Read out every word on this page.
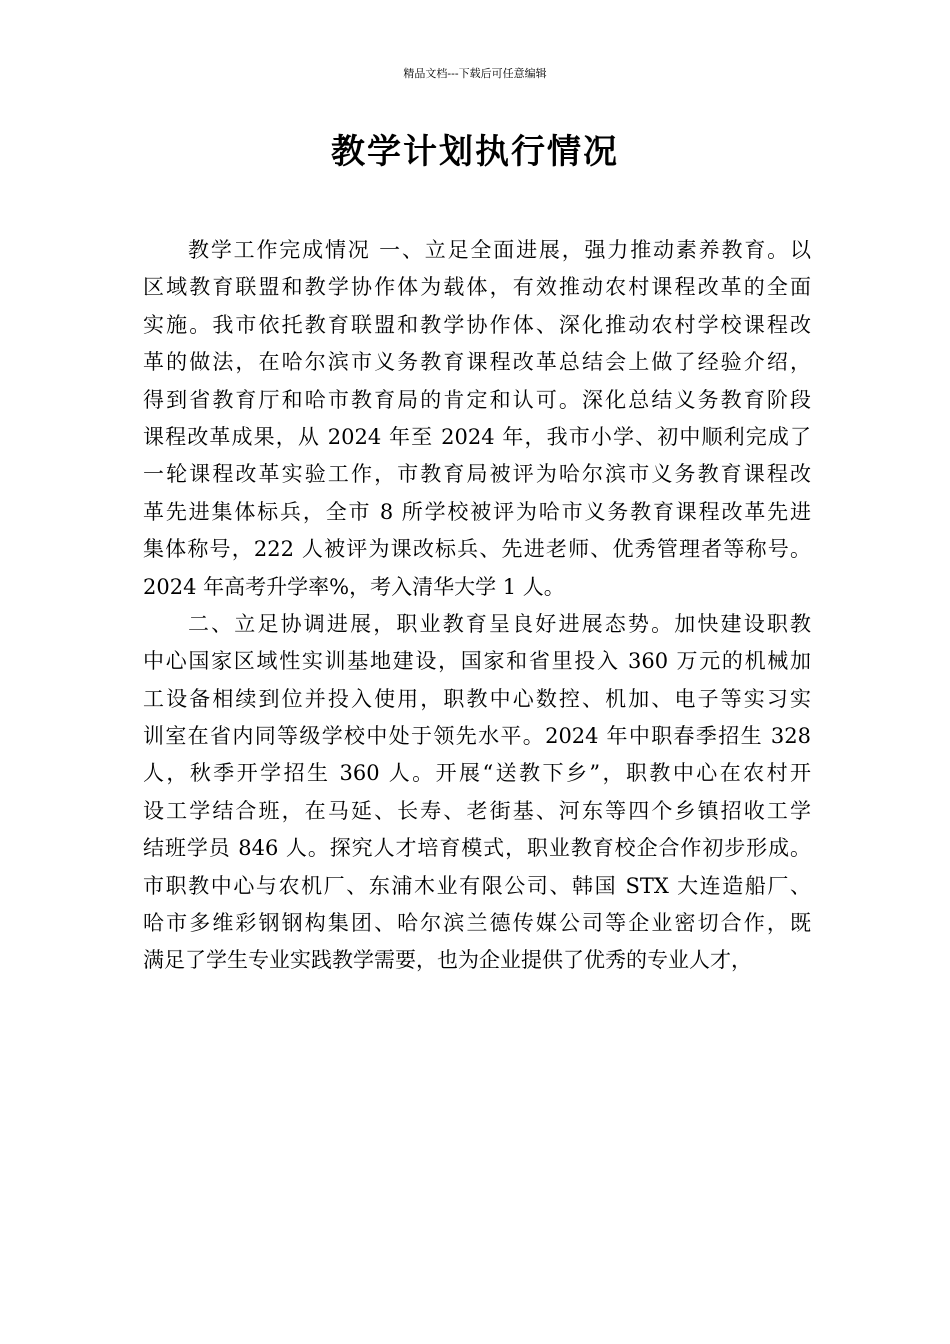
精品文档---下载后可任意编辑
教学计划执行情况
教学工作完成情况 一、立足全面进展，强力推动素养教育。以
区域教育联盟和教学协作体为载体，有效推动农村课程改革的全面
实施。我市依托教育联盟和教学协作体、深化推动农村学校课程改
革的做法，在哈尔滨市义务教育课程改革总结会上做了经验介绍，
得到省教育厅和哈市教育局的肯定和认可。深化总结义务教育阶段
课程改革成果，从 2024 年至 2024 年，我市小学、初中顺利完成了
一轮课程改革实验工作，市教育局被评为哈尔滨市义务教育课程改
革先进集体标兵，全市 8 所学校被评为哈市义务教育课程改革先进
集体称号，222 人被评为课改标兵、先进老师、优秀管理者等称号。
2024 年高考升学率%，考入清华大学 1 人。
二、立足协调进展，职业教育呈良好进展态势。加快建设职教
中心国家区域性实训基地建设，国家和省里投入 360 万元的机械加
工设备相续到位并投入使用，职教中心数控、机加、电子等实习实
训室在省内同等级学校中处于领先水平。2024 年中职春季招生 328
人，秋季开学招生 360 人。开展“送教下乡”，职教中心在农村开
设工学结合班，在马延、长寿、老街基、河东等四个乡镇招收工学
结班学员 846 人。探究人才培育模式，职业教育校企合作初步形成。
市职教中心与农机厂、东浦木业有限公司、韩国 STX 大连造船厂、
哈市多维彩钢钢构集团、哈尔滨兰德传媒公司等企业密切合作，既
满足了学生专业实践教学需要，也为企业提供了优秀的专业人才，
